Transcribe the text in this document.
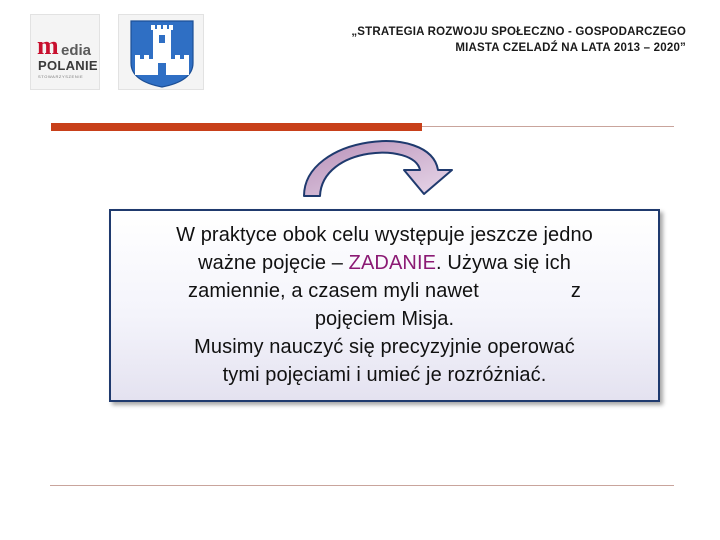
m edia
POLANIE
STOWARZYSZENIE
„STRATEGIA ROZWOJU SPOŁECZNO - GOSPODARCZEGO
MIASTA CZELADŹ NA LATA 2013 – 2020”
W praktyce obok celu występuje jeszcze jedno
ważne pojęcie – ZADANIE. Używa się ich
zamiennie, a czasem myli nawet	z
pojęciem Misja.
Musimy nauczyć się precyzyjnie operować
tymi pojęciami i umieć je rozróżniać.
